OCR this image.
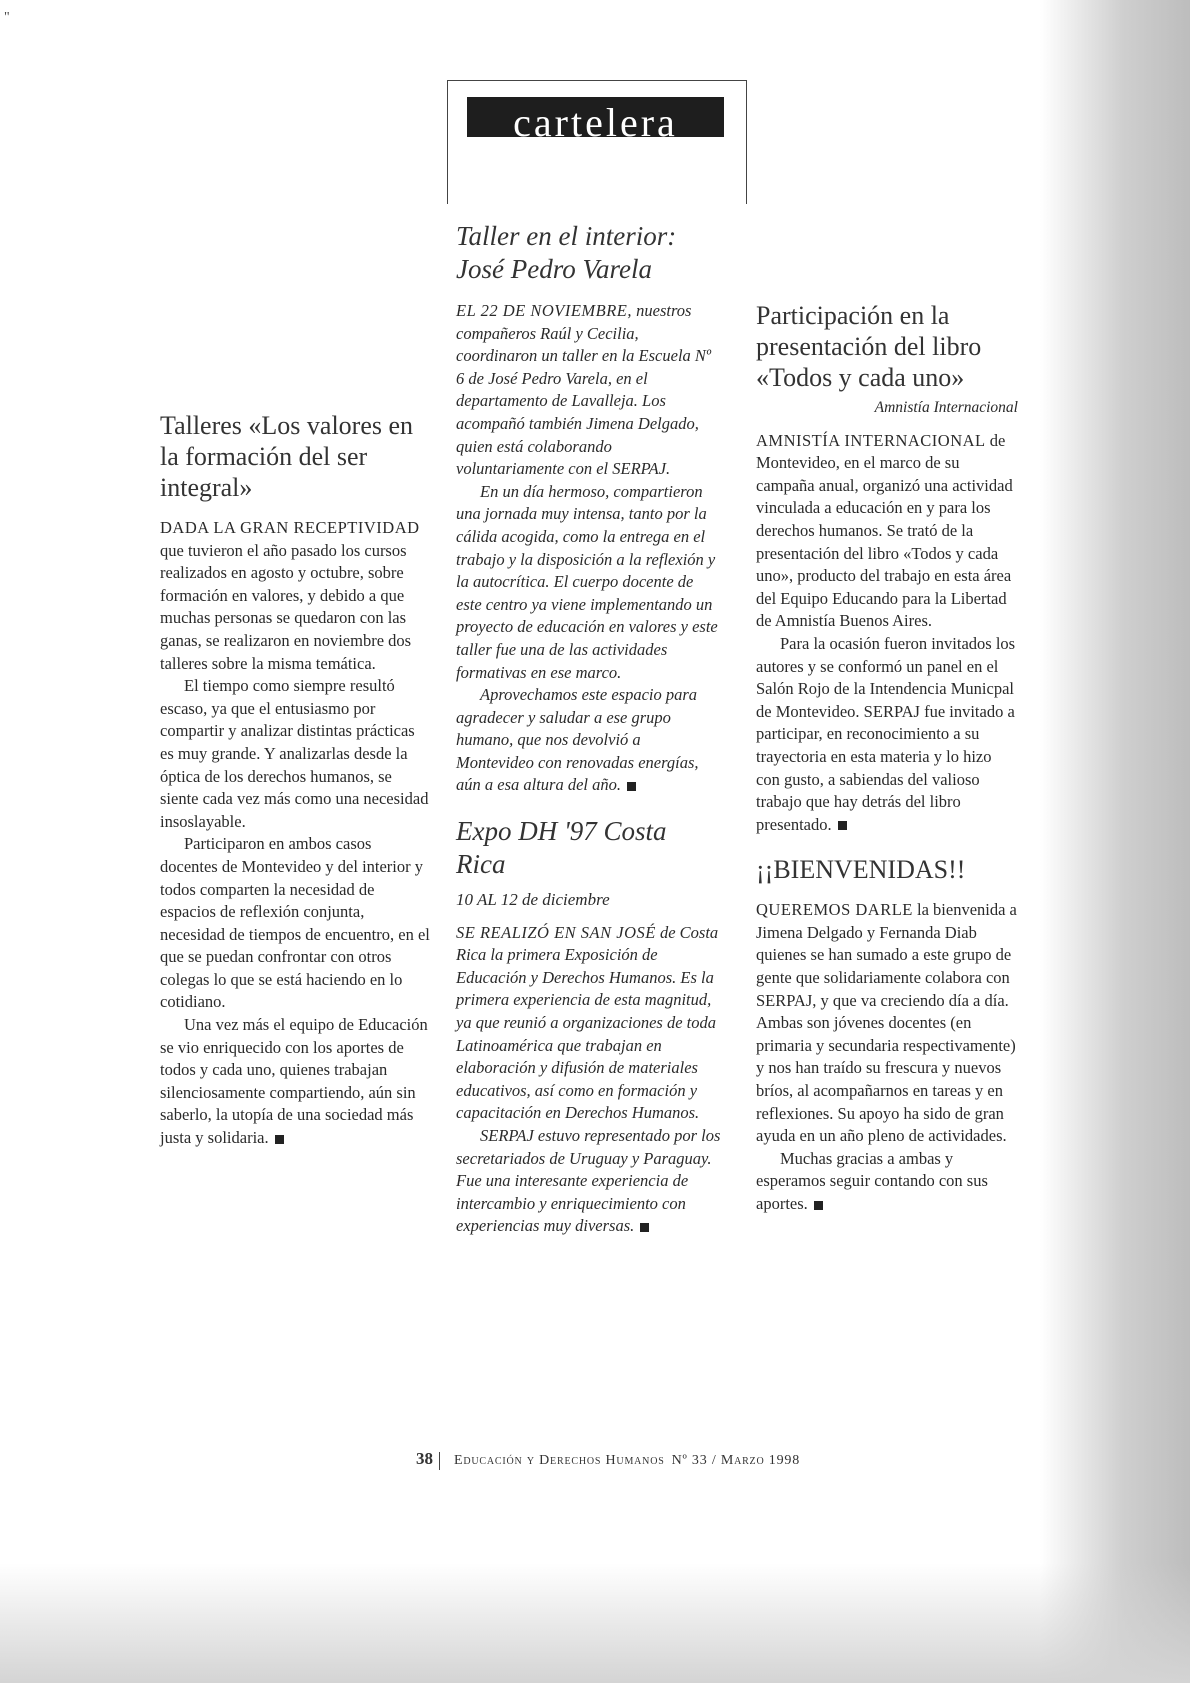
"
cartelera
Talleres «Los valores en la formación del ser integral»

DADA LA GRAN RECEPTIVIDAD que tuvieron el año pasado los cursos realizados en agosto y octubre, sobre formación en valores, y debido a que muchas personas se quedaron con las ganas, se realizaron en noviembre dos talleres sobre la misma temática.

El tiempo como siempre resultó escaso, ya que el entusiasmo por compartir y analizar distintas prácticas es muy grande. Y analizarlas desde la óptica de los derechos humanos, se siente cada vez más como una necesidad insoslayable.

Participaron en ambos casos docentes de Montevideo y del interior y todos comparten la necesidad de espacios de reflexión conjunta, necesidad de tiempos de encuentro, en el que se puedan confrontar con otros colegas lo que se está haciendo en lo cotidiano.

Una vez más el equipo de Educación se vio enriquecido con los aportes de todos y cada uno, quienes trabajan silenciosamente compartiendo, aún sin saberlo, la utopía de una sociedad más justa y solidaria.

Taller en el interior: José Pedro Varela

EL 22 DE NOVIEMBRE, nuestros compañeros Raúl y Cecilia, coordinaron un taller en la Escuela Nº 6 de José Pedro Varela, en el departamento de Lavalleja. Los acompañó también Jimena Delgado, quien está colaborando voluntariamente con el SERPAJ.

En un día hermoso, compartieron una jornada muy intensa, tanto por la cálida acogida, como la entrega en el trabajo y la disposición a la reflexión y la autocrítica. El cuerpo docente de este centro ya viene implementando un proyecto de educación en valores y este taller fue una de las actividades formativas en ese marco.

Aprovechamos este espacio para agradecer y saludar a ese grupo humano, que nos devolvió a Montevideo con renovadas energías, aún a esa altura del año.

Expo DH '97 Costa Rica
10 AL 12 de diciembre

SE REALIZÓ EN SAN JOSÉ de Costa Rica la primera Exposición de Educación y Derechos Humanos. Es la primera experiencia de esta magnitud, ya que reunió a organizaciones de toda Latinoamérica que trabajan en elaboración y difusión de materiales educativos, así como en formación y capacitación en Derechos Humanos.

SERPAJ estuvo representado por los secretariados de Uruguay y Paraguay. Fue una interesante experiencia de intercambio y enriquecimiento con experiencias muy diversas.

Participación en la presentación del libro «Todos y cada uno»
Amnistía Internacional

AMNISTÍA INTERNACIONAL de Montevideo, en el marco de su campaña anual, organizó una actividad vinculada a educación en y para los derechos humanos. Se trató de la presentación del libro «Todos y cada uno», producto del trabajo en esta área del Equipo Educando para la Libertad de Amnistía Buenos Aires.

Para la ocasión fueron invitados los autores y se conformó un panel en el Salón Rojo de la Intendencia Municpal de Montevideo. SERPAJ fue invitado a participar, en reconocimiento a su trayectoria en esta materia y lo hizo con gusto, a sabiendas del valioso trabajo que hay detrás del libro presentado.

¡¡BIENVENIDAS!!

QUEREMOS DARLE la bienvenida a Jimena Delgado y Fernanda Diab quienes se han sumado a este grupo de gente que solidariamente colabora con SERPAJ, y que va creciendo día a día. Ambas son jóvenes docentes (en primaria y secundaria respectivamente) y nos han traído su frescura y nuevos bríos, al acompañarnos en tareas y en reflexiones. Su apoyo ha sido de gran ayuda en un año pleno de actividades.

Muchas gracias a ambas y esperamos seguir contando con sus aportes.

38 Educación y Derechos Humanos Nº 33 / Marzo 1998
